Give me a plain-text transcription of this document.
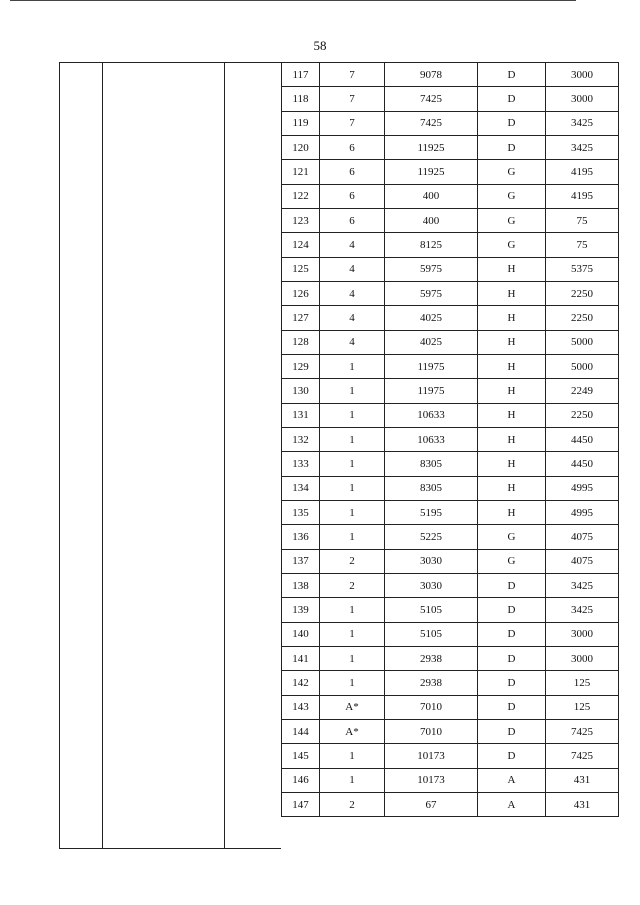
58
117	7	9078	D	3000
118	7	7425	D	3000
119	7	7425	D	3425
120	6	11925	D	3425
121	6	11925	G	4195
122	6	400	G	4195
123	6	400	G	75
124	4	8125	G	75
125	4	5975	H	5375
126	4	5975	H	2250
127	4	4025	H	2250
128	4	4025	H	5000
129	1	11975	H	5000
130	1	11975	H	2249
131	1	10633	H	2250
132	1	10633	H	4450
133	1	8305	H	4450
134	1	8305	H	4995
135	1	5195	H	4995
136	1	5225	G	4075
137	2	3030	G	4075
138	2	3030	D	3425
139	1	5105	D	3425
140	1	5105	D	3000
141	1	2938	D	3000
142	1	2938	D	125
143	A*	7010	D	125
144	A*	7010	D	7425
145	1	10173	D	7425
146	1	10173	A	431
147	2	67	A	431
